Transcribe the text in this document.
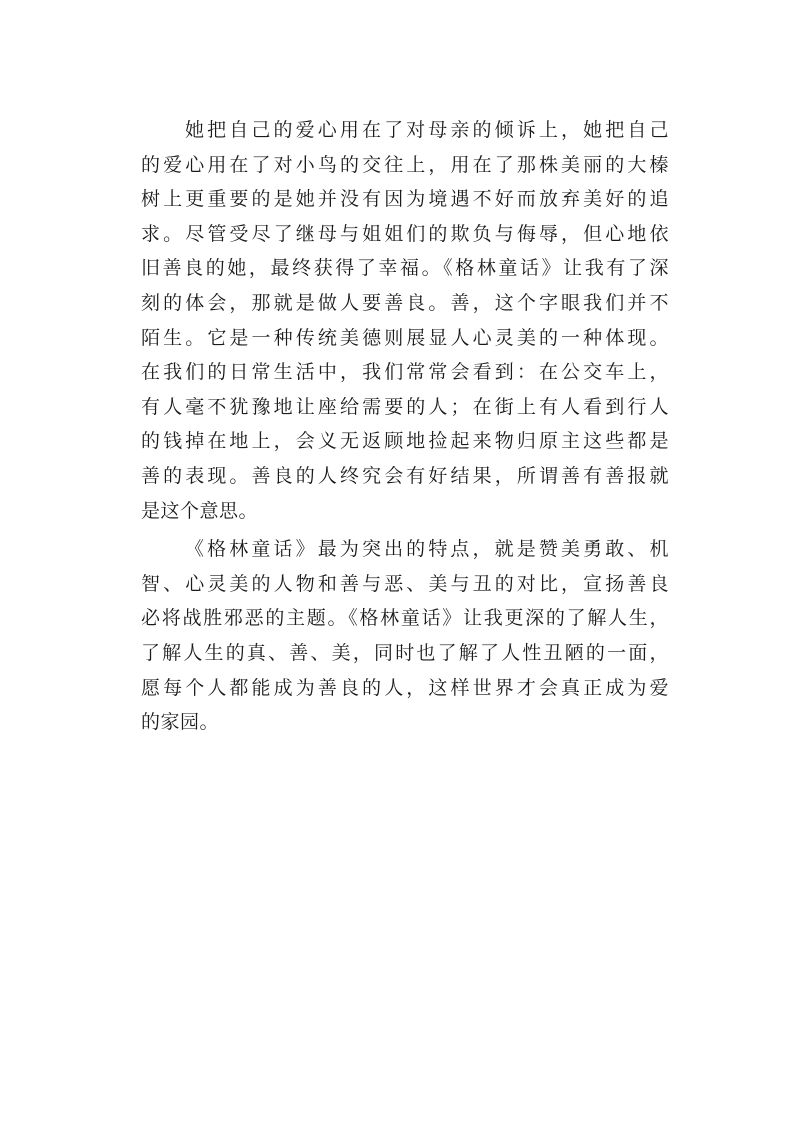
她把自己的爱心用在了对母亲的倾诉上，她把自己
的爱心用在了对小鸟的交往上，用在了那株美丽的大榛
树上更重要的是她并没有因为境遇不好而放弃美好的追
求。尽管受尽了继母与姐姐们的欺负与侮辱，但心地依
旧善良的她，最终获得了幸福。《格林童话》让我有了深
刻的体会，那就是做人要善良。善，这个字眼我们并不
陌生。它是一种传统美德则展显人心灵美的一种体现。
在我们的日常生活中，我们常常会看到：在公交车上，
有人毫不犹豫地让座给需要的人；在街上有人看到行人
的钱掉在地上，会义无返顾地捡起来物归原主这些都是
善的表现。善良的人终究会有好结果，所谓善有善报就
是这个意思。
《格林童话》最为突出的特点，就是赞美勇敢、机
智、心灵美的人物和善与恶、美与丑的对比，宣扬善良
必将战胜邪恶的主题。《格林童话》让我更深的了解人生，
了解人生的真、善、美，同时也了解了人性丑陋的一面，
愿每个人都能成为善良的人，这样世界才会真正成为爱
的家园。
